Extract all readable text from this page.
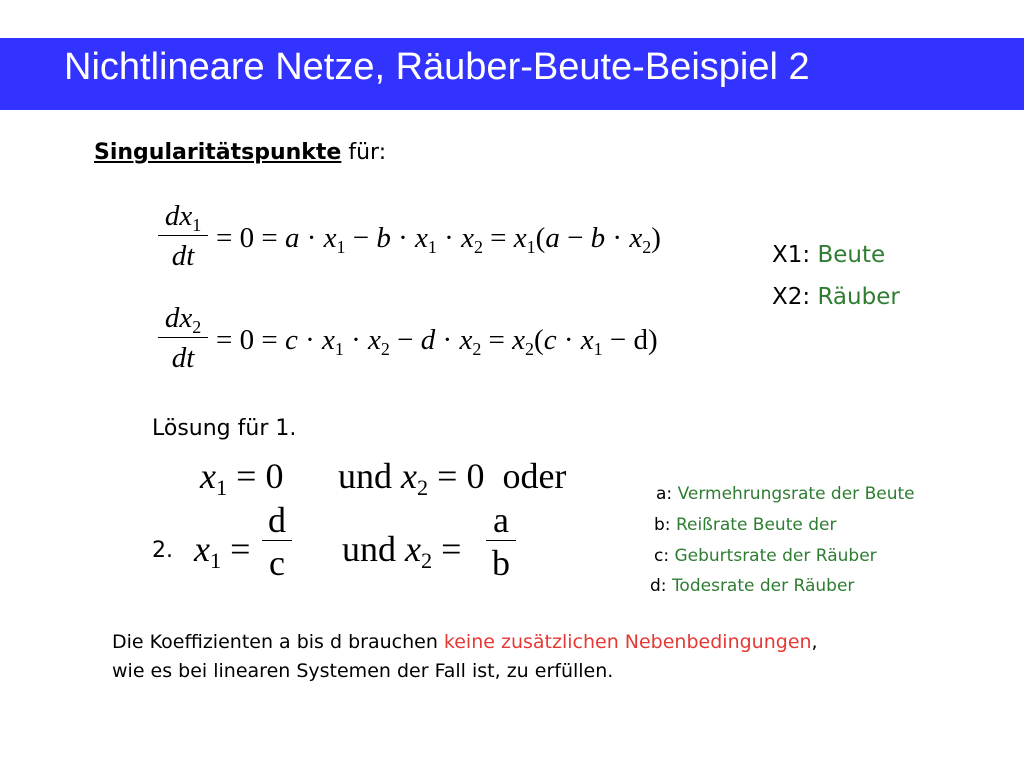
Nichtlineare Netze, Räuber-Beute-Beispiel 2
Singularitätspunkte für:
dx1
dt
= 0 = a · x1 − b · x1 · x2 = x1(a − b · x2)
dx2
dt
= 0 = c · x1 · x2 − d · x2 = x2(c · x1 − d)
X1: Beute
X2: Räuber
Lösung für 1.
2.
x1 = 0 und x2 = 0 oder
x1 =
d
c und x2 =
a
b
a: Vermehrungsrate der Beute
b: Reißrate Beute der
c: Geburtsrate der Räuber
d: Todesrate der Räuber
Die Koeffizienten a bis d brauchen keine zusätzlichen Nebenbedingungen,
wie es bei linearen Systemen der Fall ist, zu erfüllen.
